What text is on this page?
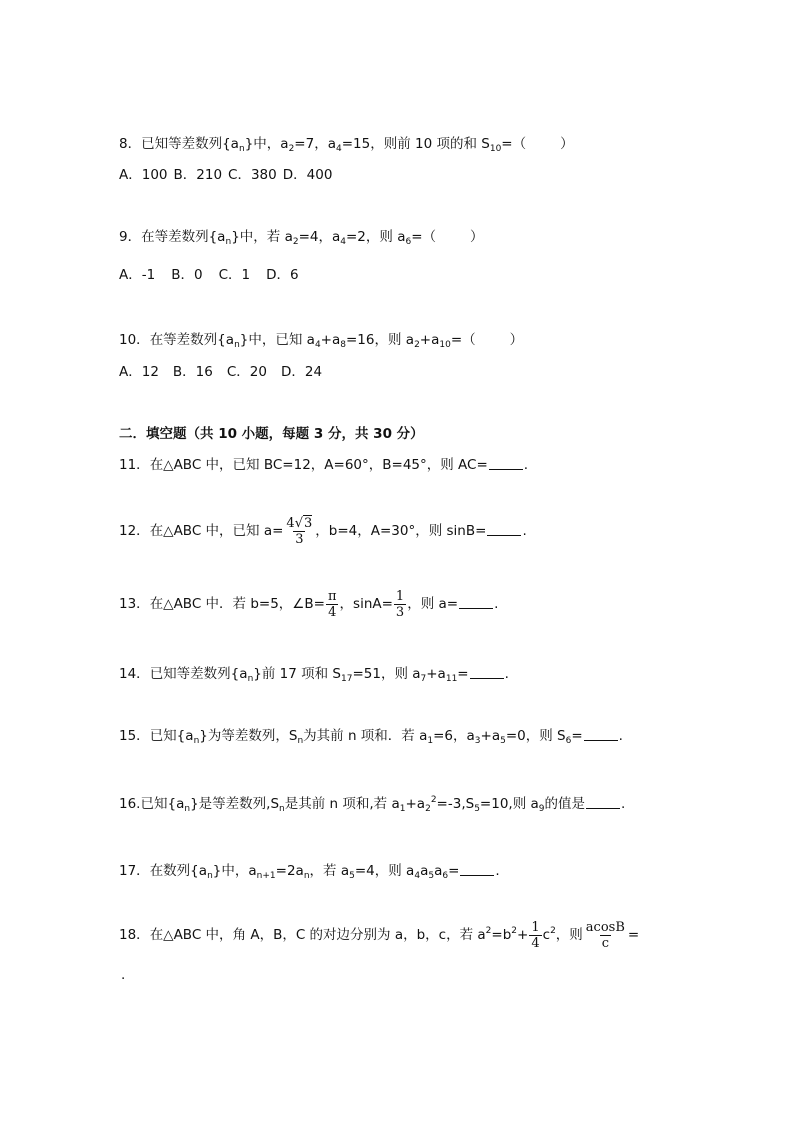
8．已知等差数列$\{a_n\}$中，$a_2=7$，$a_4=15$，则前 10 项的和 $S_{10}=$（	）
A．100 B．210 C．380 D．400
9．在等差数列$\{a_n\}$中，若 $a_2=4$，$a_4=2$，则 $a_6=$（	）
A．-1 B．0 C．1 D．6
10．在等差数列$\{a_n\}$中，已知 $a_4+a_8=16$，则 $a_2+a_{10}=$（	）
A．12 B．16 C．20 D．24
二．填空题（共 10 小题，每题 3 分，共 30 分）
11．在△ABC 中，已知 BC=12，A=60°，B=45°，则 AC=	.
12．在△ABC 中，已知 $a= \frac{4√3}{3}$ ，b=4，A=30°，则 sinB=	.
13．在△ABC 中．若 b=5，∠B= $\frac{\pi}{4}$ ，$\sin A= \frac{1}{3}$ ，则 a=	.
14．已知等差数列$\{a_n\}$前 17 项和 $S_{17}=51$，则 $a_7+a_{11}=$	.
15．已知$\{a_n\}$为等差数列，$S_n$为其前 n 项和．若 $a_1=6$，$a_3+a_5=0$，则 $S_6=$	.
16.已知$\{a_n\}$是等差数列$,S_n$是其前 n 项和,若 $a_1+a_2^2=-3,S_5=10$,则 $a_9$的值是	.
17．在数列$\{a_n\}$中，$a_{n+1}=2a_n$，若 $a_5=4$，则 $a_4a_5a_6=$	.
18．在△ABC 中，角 A，B，C 的对边分别为 a，b，c，若 $a^2=b^2+ \frac{1}{4} c^2$，则 $\frac{acosB}{c}$ =
.
